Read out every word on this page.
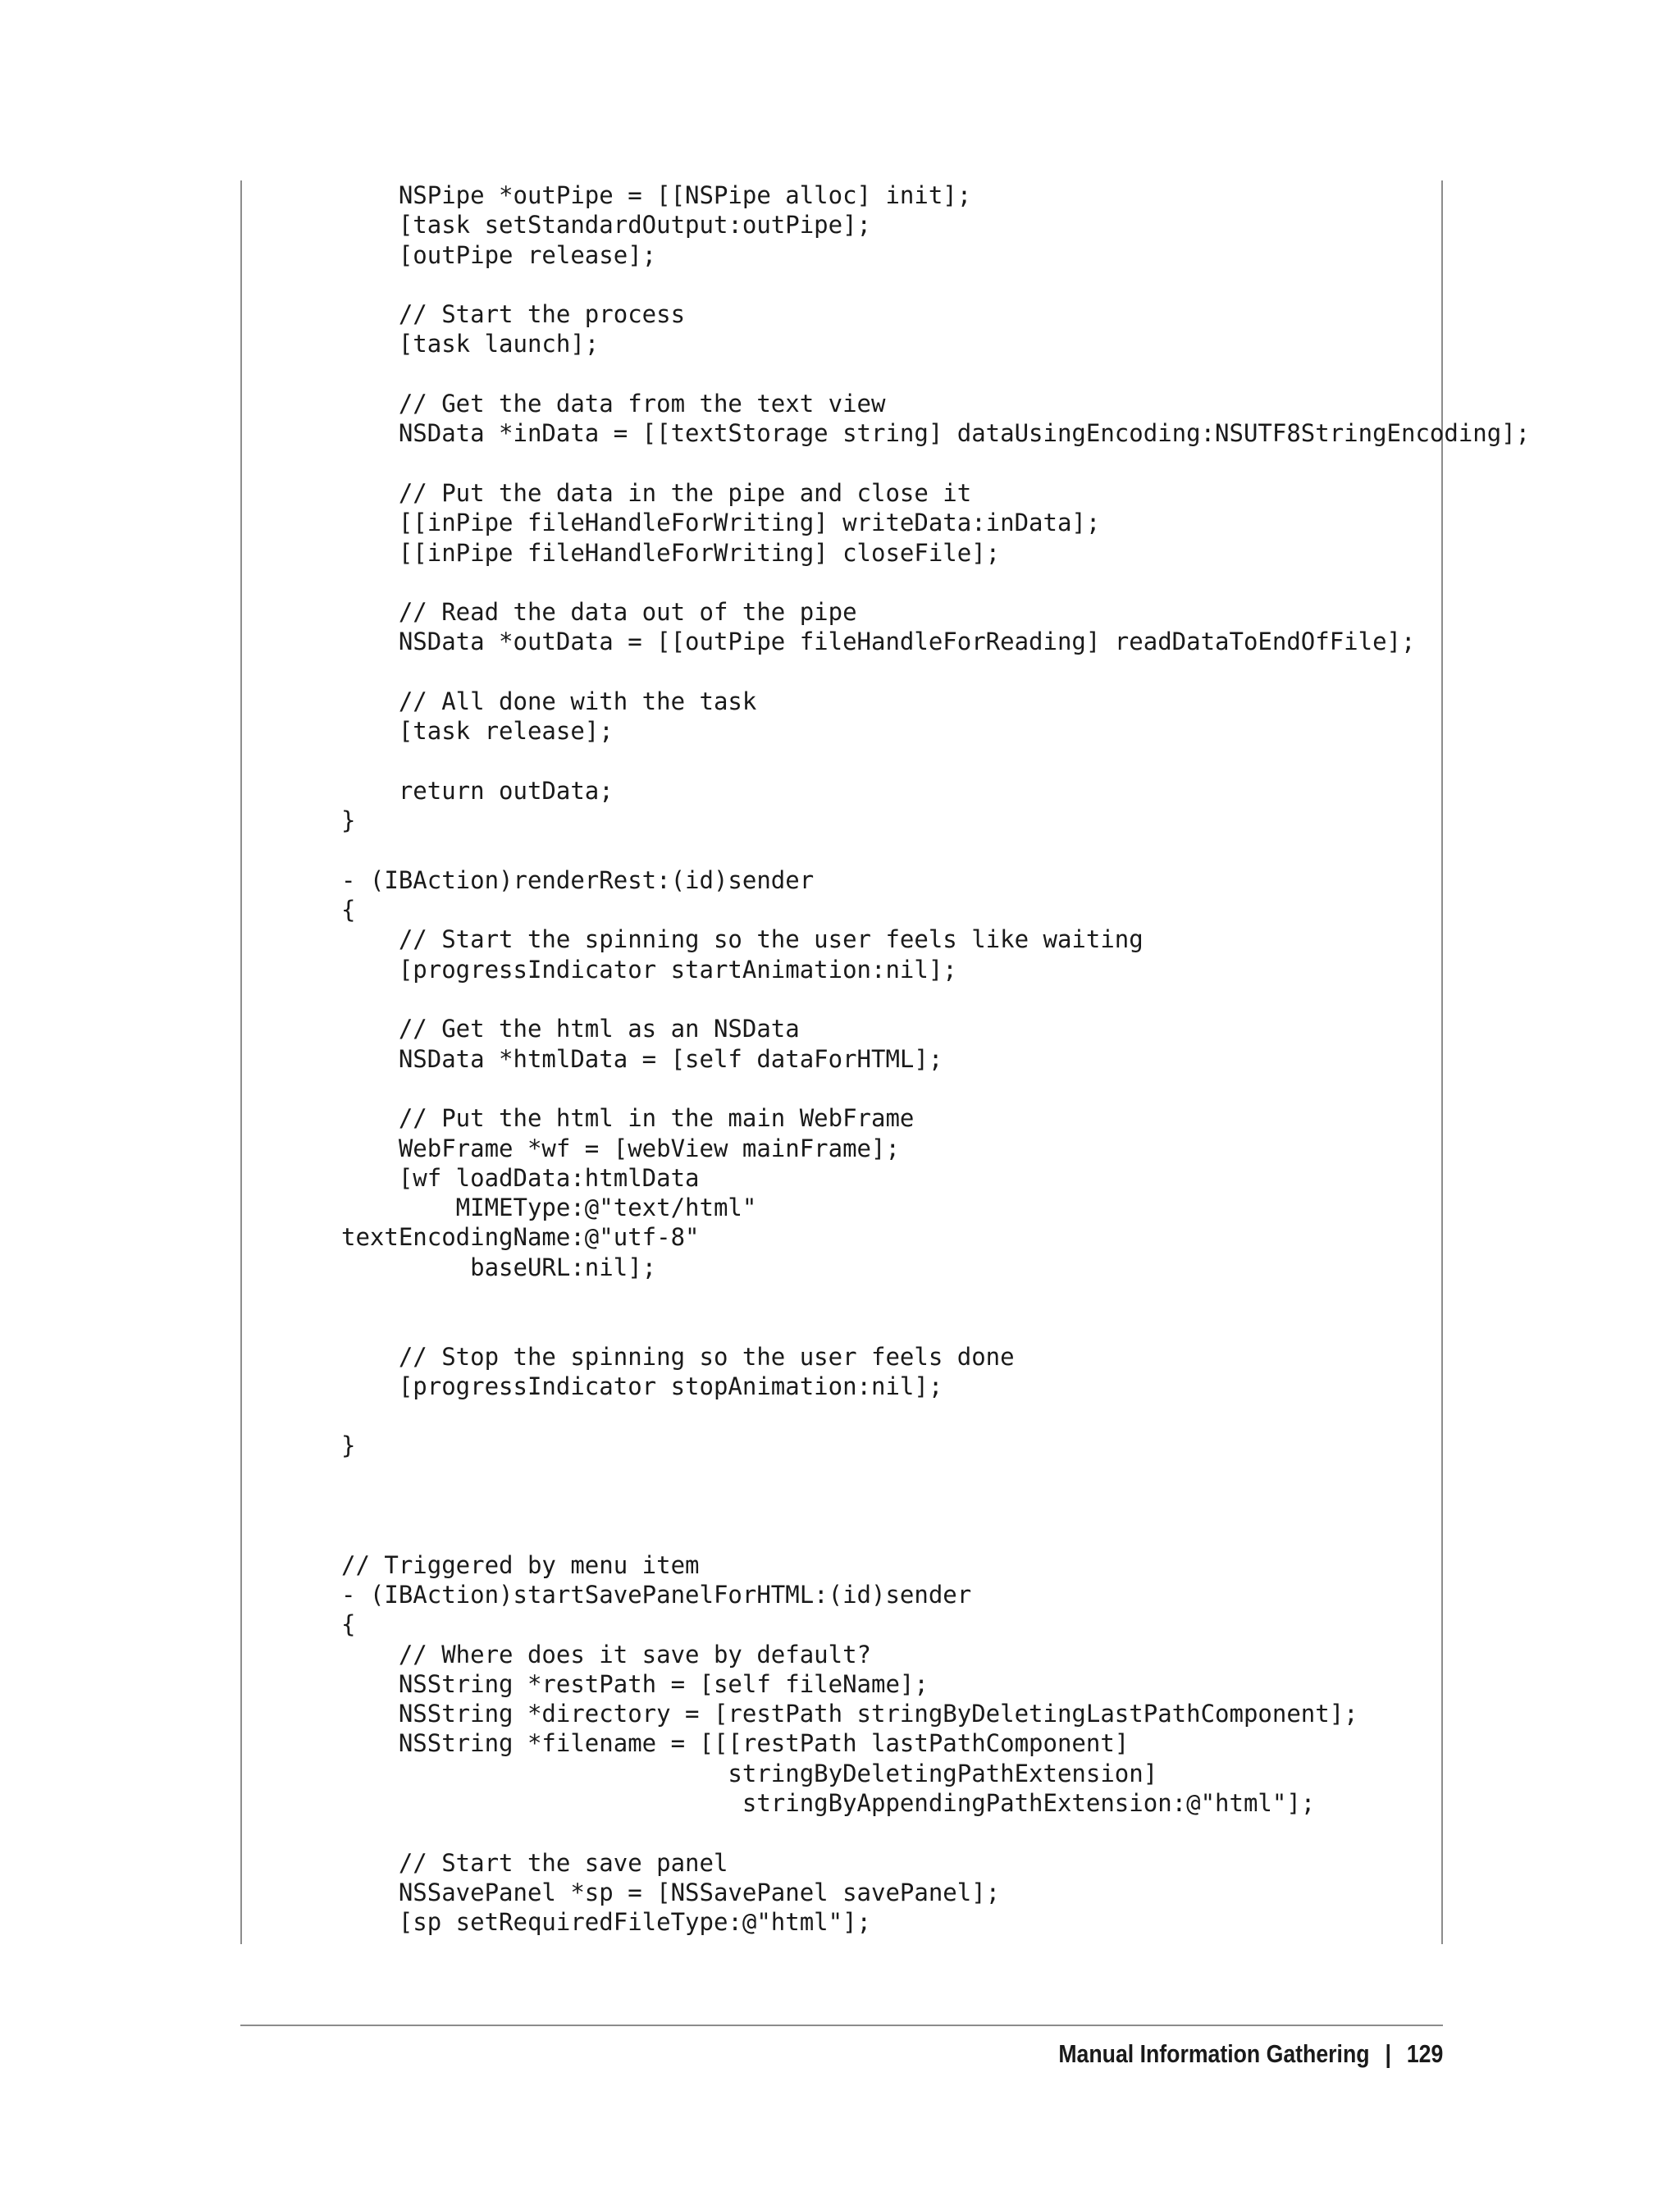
NSPipe *outPipe = [[NSPipe alloc] init];
[task setStandardOutput:outPipe];
[outPipe release];
// Start the process
[task launch];
// Get the data from the text view
NSData *inData = [[textStorage string] dataUsingEncoding:NSUTF8StringEncoding];
// Put the data in the pipe and close it
[[inPipe fileHandleForWriting] writeData:inData];
[[inPipe fileHandleForWriting] closeFile];
// Read the data out of the pipe
NSData *outData = [[outPipe fileHandleForReading] readDataToEndOfFile];
// All done with the task
[task release];
return outData;
}
- (IBAction)renderRest:(id)sender
{
// Start the spinning so the user feels like waiting
[progressIndicator startAnimation:nil];
// Get the html as an NSData
NSData *htmlData = [self dataForHTML];
// Put the html in the main WebFrame
WebFrame *wf = [webView mainFrame];
[wf loadData:htmlData
MIMEType:@"text/html"
textEncodingName:@"utf-8"
baseURL:nil];
// Stop the spinning so the user feels done
[progressIndicator stopAnimation:nil];
}
// Triggered by menu item
- (IBAction)startSavePanelForHTML:(id)sender
{
// Where does it save by default?
NSString *restPath = [self fileName];
NSString *directory = [restPath stringByDeletingLastPathComponent];
NSString *filename = [[[restPath lastPathComponent]
stringByDeletingPathExtension]
stringByAppendingPathExtension:@"html"];
// Start the save panel
NSSavePanel *sp = [NSSavePanel savePanel];
[sp setRequiredFileType:@"html"];
Manual Information Gathering | 129
